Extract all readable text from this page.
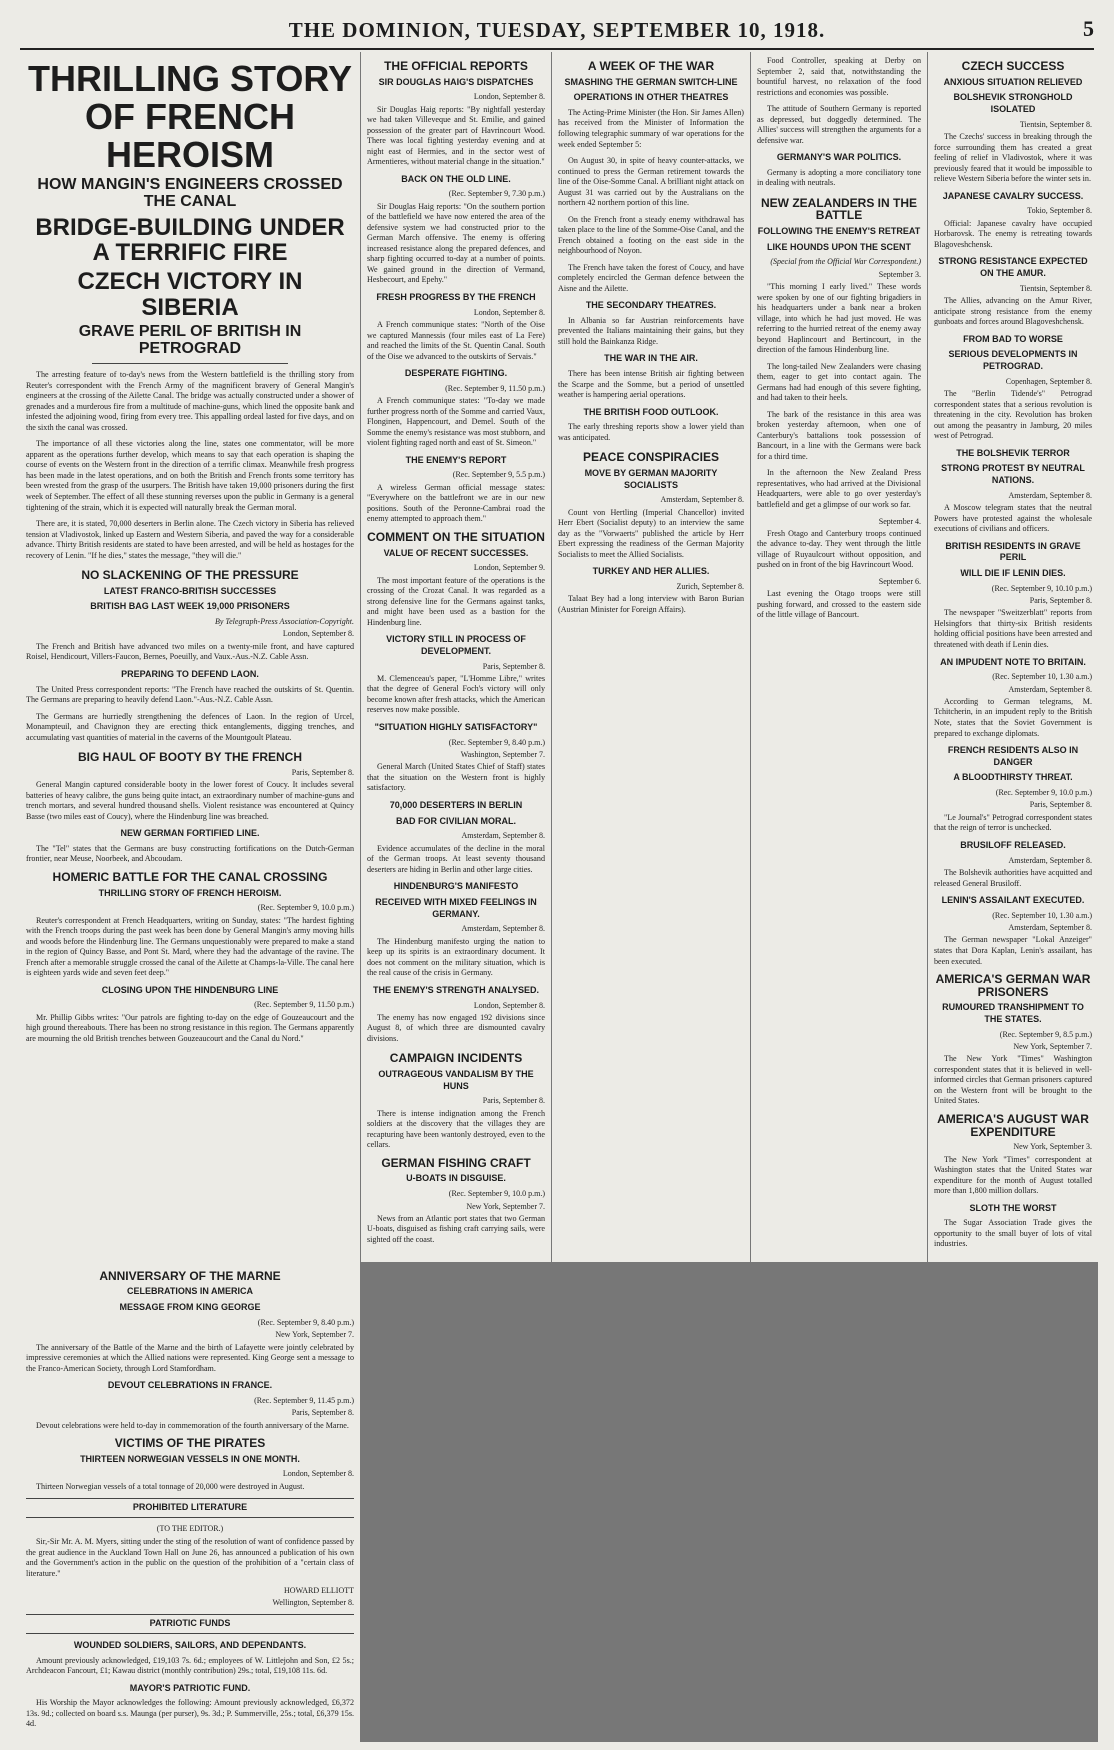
THE DOMINION, TUESDAY, SEPTEMBER 10, 1918.	5
THRILLING STORY OF FRENCH HEROISM
HOW MANGIN'S ENGINEERS CROSSED THE CANAL
BRIDGE-BUILDING UNDER A TERRIFIC FIRE
CZECH VICTORY IN SIBERIA
GRAVE PERIL OF BRITISH IN PETROGRAD

The arresting feature of to-day's news from the Western battlefield is the thrilling story from Reuter's correspondent with the French Army of the magnificent bravery of General Mangin's engineers at the crossing of the Ailette Canal. The bridge was actually constructed under a shower of grenades and a murderous fire from a multitude of machine-guns, which lined the opposite bank and infested the adjoining wood, firing from every tree. This appalling ordeal lasted for five days, and on the sixth the canal was crossed.

The importance of all these victories along the line, states one commentator, will be more apparent as the operations further develop, which means to say that each operation is shaping the course of events on the Western front in the direction of a terrific climax. Meanwhile fresh progress has been made in the latest operations, and on both the British and French fronts some territory has been wrested from the grasp of the usurpers. The British have taken 19,000 prisoners during the first week of September. The effect of all these stunning reverses upon the public in Germany is a general tightening of the strain, which it is expected will naturally break the German moral.

There are, it is stated, 70,000 deserters in Berlin alone. The Czech victory in Siberia has relieved tension at Vladivostok, linked up Eastern and Western Siberia, and paved the way for a considerable advance. Thirty British residents are stated to have been arrested, and will be held as hostages for the recovery of Lenin. "If he dies," states the message, "they will die."

NO SLACKENING OF THE PRESSURE
LATEST FRANCO-BRITISH SUCCESSES
BRITISH BAG LAST WEEK 19,000 PRISONERS
By Telegraph-Press Association-Copyright.
London, September 8.

The French and British have advanced two miles on a twenty-mile front, and have captured Roisel, Hendicourt, Villers-Faucon, Bernes, Poeuilly, and Vaux.-Aus.-N.Z. Cable Assn.

PREPARING TO DEFEND LAON.

The United Press correspondent reports: "The French have reached the outskirts of St. Quentin. The Germans are preparing to heavily defend Laon."-Aus.-N.Z. Cable Assn.

The Germans are hurriedly strengthening the defences of Laon. In the region of Urcel, Monampteuil, and Chavignon they are erecting thick entanglements, digging trenches, and accumulating vast quantities of material in the caverns of the Mountgoult Plateau.

BIG HAUL OF BOOTY BY THE FRENCH
Paris, September 8.

General Mangin captured considerable booty in the lower forest of Coucy. It includes several batteries of heavy calibre, the guns being quite intact, an extraordinary number of machine-guns and trench mortars, and several hundred thousand shells. Violent resistance was encountered at Quincy Basse (two miles east of Coucy), where the Hindenburg line was breached.

NEW GERMAN FORTIFIED LINE.

The "Tel" states that the Germans are busy constructing fortifications on the Dutch-German frontier, near Meuse, Noorbeek, and Abcoudam.

HOMERIC BATTLE FOR THE CANAL CROSSING
THRILLING STORY OF FRENCH HEROISM.
(Rec. September 9, 10.0 p.m.)

Reuter's correspondent at French Headquarters, writing on Sunday, states: "The hardest fighting with the French troops during the past week has been done by General Mangin's army moving hills and woods before the Hindenburg line. The Germans unquestionably were prepared to make a stand in the region of Quincy Basse, and Pont St. Mard, where they had the advantage of the ravine. The French after a memorable struggle crossed the canal of the Ailette at Champs-la-Ville. The canal here is eighteen yards wide and seven feet deep."

CLOSING UPON THE HINDENBURG LINE
(Rec. September 9, 11.50 p.m.)

Mr. Phillip Gibbs writes: "Our patrols are fighting to-day on the edge of Gouzeaucourt and the high ground thereabouts. There has been no strong resistance in this region. The Germans apparently are mourning the old British trenches between Gouzeaucourt and the Canal du Nord."

THE OFFICIAL REPORTS
SIR DOUGLAS HAIG'S DISPATCHES
London, September 8.

Sir Douglas Haig reports: "By nightfall yesterday we had taken Villeveque and St. Emilie, and gained possession of the greater part of Havrincourt Wood. There was local fighting yesterday evening and at night east of Hermies, and in the sector west of Armentieres, without material change in the situation."

BACK ON THE OLD LINE.
(Rec. September 9, 7.30 p.m.)

Sir Douglas Haig reports: "On the southern portion of the battlefield we have now entered the area of the defensive system we had constructed prior to the German March offensive. The enemy is offering increased resistance along the prepared defences, and sharp fighting occurred to-day at a number of points. We gained ground in the direction of Vermand, Hesbecourt, and Epehy."

FRESH PROGRESS BY THE FRENCH
London, September 8.

A French communique states: "North of the Oise we captured Mannessis (four miles east of La Fere) and reached the limits of the St. Quentin Canal. South of the Oise we advanced to the outskirts of Servais."

DESPERATE FIGHTING.
(Rec. September 9, 11.50 p.m.)

A French communique states: "To-day we made further progress north of the Somme and carried Vaux, Flonginen, Happencourt, and Demel. South of the Somme the enemy's resistance was most stubborn, and violent fighting raged north and east of St. Simeon."

THE ENEMY'S REPORT
(Rec. September 9, 5.5 p.m.)

A wireless German official message states: "Everywhere on the battlefront we are in our new positions. South of the Peronne-Cambrai road the enemy attempted to approach them."

COMMENT ON THE SITUATION
VALUE OF RECENT SUCCESSES.
London, September 9.

The most important feature of the operations is the crossing of the Crozat Canal. It was regarded as a strong defensive line for the Germans against tanks, and might have been used as a bastion for the Hindenburg line.

VICTORY STILL IN PROCESS OF DEVELOPMENT.
Paris, September 8.

M. Clemenceau's paper, "L'Homme Libre," writes that the degree of General Foch's victory will only become known after fresh attacks, which the American reserves now make possible.

"SITUATION HIGHLY SATISFACTORY"
(Rec. September 9, 8.40 p.m.)
Washington, September 7.

General March (United States Chief of Staff) states that the situation on the Western front is highly satisfactory.

70,000 DESERTERS IN BERLIN
BAD FOR CIVILIAN MORAL.
Amsterdam, September 8.

Evidence accumulates of the decline in the moral of the German troops. At least seventy thousand deserters are hiding in Berlin and other large cities.

HINDENBURG'S MANIFESTO
RECEIVED WITH MIXED FEELINGS IN GERMANY.
Amsterdam, September 8.

The Hindenburg manifesto urging the nation to keep up its spirits is an extraordinary document. It does not comment on the military situation, which is the real cause of the crisis in Germany.

THE ENEMY'S STRENGTH ANALYSED.
London, September 8.

The enemy has now engaged 192 divisions since August 8, of which three are dismounted cavalry divisions.

CAMPAIGN INCIDENTS
OUTRAGEOUS VANDALISM BY THE HUNS
Paris, September 8.

There is intense indignation among the French soldiers at the discovery that the villages they are recapturing have been wantonly destroyed, even to the cellars.

GERMAN FISHING CRAFT
U-BOATS IN DISGUISE.
(Rec. September 9, 10.0 p.m.)
New York, September 7.

News from an Atlantic port states that two German U-boats, disguised as fishing craft carrying sails, were sighted off the coast.

A WEEK OF THE WAR
SMASHING THE GERMAN SWITCH-LINE
OPERATIONS IN OTHER THEATRES

The Acting-Prime Minister (the Hon. Sir James Allen) has received from the Minister of Information the following telegraphic summary of war operations for the week ended September 5:

On August 30, in spite of heavy counter-attacks, we continued to press the German retirement towards the line of the Oise-Somme Canal. A brilliant night attack on August 31 was carried out by the Australians on the northern 42 northern portion of this line.

On the French front a steady enemy withdrawal has taken place to the line of the Somme-Oise Canal, and the French obtained a footing on the east side in the neighbourhood of Noyon.

The French have taken the forest of Coucy, and have completely encircled the German defence between the Aisne and the Ailette.

THE SECONDARY THEATRES.

In Albania so far Austrian reinforcements have prevented the Italians maintaining their gains, but they still hold the Bainkanza Ridge.

THE WAR IN THE AIR.

There has been intense British air fighting between the Scarpe and the Somme, but a period of unsettled weather is hampering aerial operations.

THE BRITISH FOOD OUTLOOK.

The early threshing reports show a lower yield than was anticipated.

PEACE CONSPIRACIES
MOVE BY GERMAN MAJORITY SOCIALISTS
Amsterdam, September 8.

Count von Hertling (Imperial Chancellor) invited Herr Ebert (Socialist deputy) to an interview the same day as the "Vorwaerts" published the article by Herr Ebert expressing the readiness of the German Majority Socialists to meet the Allied Socialists.

TURKEY AND HER ALLIES.
Zurich, September 8.

Talaat Bey had a long interview with Baron Burian (Austrian Minister for Foreign Affairs).

Food Controller, speaking at Derby on September 2, said that, notwithstanding the bountiful harvest, no relaxation of the food restrictions and economies was possible.

The attitude of Southern Germany is reported as depressed, but doggedly determined. The Allies' success will strengthen the arguments for a defensive war.

GERMANY'S WAR POLITICS.

Germany is adopting a more conciliatory tone in dealing with neutrals.

NEW ZEALANDERS IN THE BATTLE
FOLLOWING THE ENEMY'S RETREAT
LIKE HOUNDS UPON THE SCENT
(Special from the Official War Correspondent.)
September 3.

"This morning I early lived." These words were spoken by one of our fighting brigadiers in his headquarters under a bank near a broken village, into which he had just moved. He was referring to the hurried retreat of the enemy away beyond Haplincourt and Bertincourt, in the direction of the famous Hindenburg line.

The long-tailed New Zealanders were chasing them, eager to get into contact again. The Germans had had enough of this severe fighting, and had taken to their heels.

The bark of the resistance in this area was broken yesterday afternoon, when one of Canterbury's battalions took possession of Bancourt, in a line with the Germans were back for a third time.

In the afternoon the New Zealand Press representatives, who had arrived at the Divisional Headquarters, were able to go over yesterday's battlefield and get a glimpse of our work so far.

September 4.

Fresh Otago and Canterbury troops continued the advance to-day. They went through the little village of Ruyaulcourt without opposition, and pushed on in front of the big Havrincourt Wood.

September 6.

Last evening the Otago troops were still pushing forward, and crossed to the eastern side of the little village of Bancourt.

CZECH SUCCESS
ANXIOUS SITUATION RELIEVED
BOLSHEVIK STRONGHOLD ISOLATED
Tientsin, September 8.

The Czechs' success in breaking through the force surrounding them has created a great feeling of relief in Vladivostok, where it was previously feared that it would be impossible to relieve Western Siberia before the winter sets in.

JAPANESE CAVALRY SUCCESS.
Tokio, September 8.

Official: Japanese cavalry have occupied Horbarovsk. The enemy is retreating towards Blagoveshchensk.

STRONG RESISTANCE EXPECTED ON THE AMUR.
Tientsin, September 8.

The Allies, advancing on the Amur River, anticipate strong resistance from the enemy gunboats and forces around Blagoveshchensk.

FROM BAD TO WORSE
SERIOUS DEVELOPMENTS IN PETROGRAD.
Copenhagen, September 8.

The "Berlin Tidende's" Petrograd correspondent states that a serious revolution is threatening in the city. Revolution has broken out among the peasantry in Jamburg, 20 miles west of Petrograd.

THE BOLSHEVIK TERROR
STRONG PROTEST BY NEUTRAL NATIONS.
Amsterdam, September 8.

A Moscow telegram states that the neutral Powers have protested against the wholesale executions of civilians and officers.

BRITISH RESIDENTS IN GRAVE PERIL
WILL DIE IF LENIN DIES.
(Rec. September 9, 10.10 p.m.)
Paris, September 8.

The newspaper "Sweitzerblatt" reports from Helsingfors that thirty-six British residents holding official positions have been arrested and threatened with death if Lenin dies.

AN IMPUDENT NOTE TO BRITAIN.
(Rec. September 10, 1.30 a.m.)
Amsterdam, September 8.

According to German telegrams, M. Tchitcherin, in an impudent reply to the British Note, states that the Soviet Government is prepared to exchange diplomats.

FRENCH RESIDENTS ALSO IN DANGER
A BLOODTHIRSTY THREAT.
(Rec. September 9, 10.0 p.m.)
Paris, September 8.

"Le Journal's" Petrograd correspondent states that the reign of terror is unchecked.

BRUSILOFF RELEASED.
Amsterdam, September 8.

The Bolshevik authorities have acquitted and released General Brusiloff.

LENIN'S ASSAILANT EXECUTED.
(Rec. September 10, 1.30 a.m.)
Amsterdam, September 8.

The German newspaper "Lokal Anzeiger" states that Dora Kaplan, Lenin's assailant, has been executed.

AMERICA'S GERMAN WAR PRISONERS
RUMOURED TRANSHIPMENT TO THE STATES.
(Rec. September 9, 8.5 p.m.)
New York, September 7.

The New York "Times" Washington correspondent states that it is believed in well-informed circles that German prisoners captured on the Western front will be brought to the United States.

AMERICA'S AUGUST WAR EXPENDITURE
New York, September 3.

The New York "Times" correspondent at Washington states that the United States war expenditure for the month of August totalled more than 1,800 million dollars.

SLOTH THE WORST

The Sugar Association Trade gives the opportunity to the small buyer of lots of vital industries.

ANNIVERSARY OF THE MARNE
CELEBRATIONS IN AMERICA
MESSAGE FROM KING GEORGE
(Rec. September 9, 8.40 p.m.)
New York, September 7.

The anniversary of the Battle of the Marne and the birth of Lafayette were jointly celebrated by impressive ceremonies at which the Allied nations were represented. King George sent a message to the Franco-American Society, through Lord Stamfordham.

DEVOUT CELEBRATIONS IN FRANCE.
(Rec. September 9, 11.45 p.m.)
Paris, September 8.

Devout celebrations were held to-day in commemoration of the fourth anniversary of the Marne.

VICTIMS OF THE PIRATES
THIRTEEN NORWEGIAN VESSELS IN ONE MONTH.
London, September 8.

Thirteen Norwegian vessels of a total tonnage of 20,000 were destroyed in August.

PROHIBITED LITERATURE
(TO THE EDITOR.)

Sir,-Sir Mr. A. M. Myers, sitting under the sting of the resolution of want of confidence passed by the great audience in the Auckland Town Hall on June 26, has announced a publication of his own and the Government's action in the public on the question of the prohibition of a "certain class of literature."

HOWARD ELLIOTT
Wellington, September 8.
PATRIOTIC FUNDS
WOUNDED SOLDIERS, SAILORS, AND DEPENDANTS.

Amount previously acknowledged, £19,103 7s. 6d.; employees of W. Littlejohn and Son, £2 5s.; Archdeacon Fancourt, £1; Kawau district (monthly contribution) 29s.; total, £19,108 11s. 6d.

MAYOR'S PATRIOTIC FUND.

His Worship the Mayor acknowledges the following: Amount previously acknowledged, £6,372 13s. 9d.; collected on board s.s. Maunga (per purser), 9s. 3d.; P. Summerville, 25s.; total, £6,379 15s. 4d.
